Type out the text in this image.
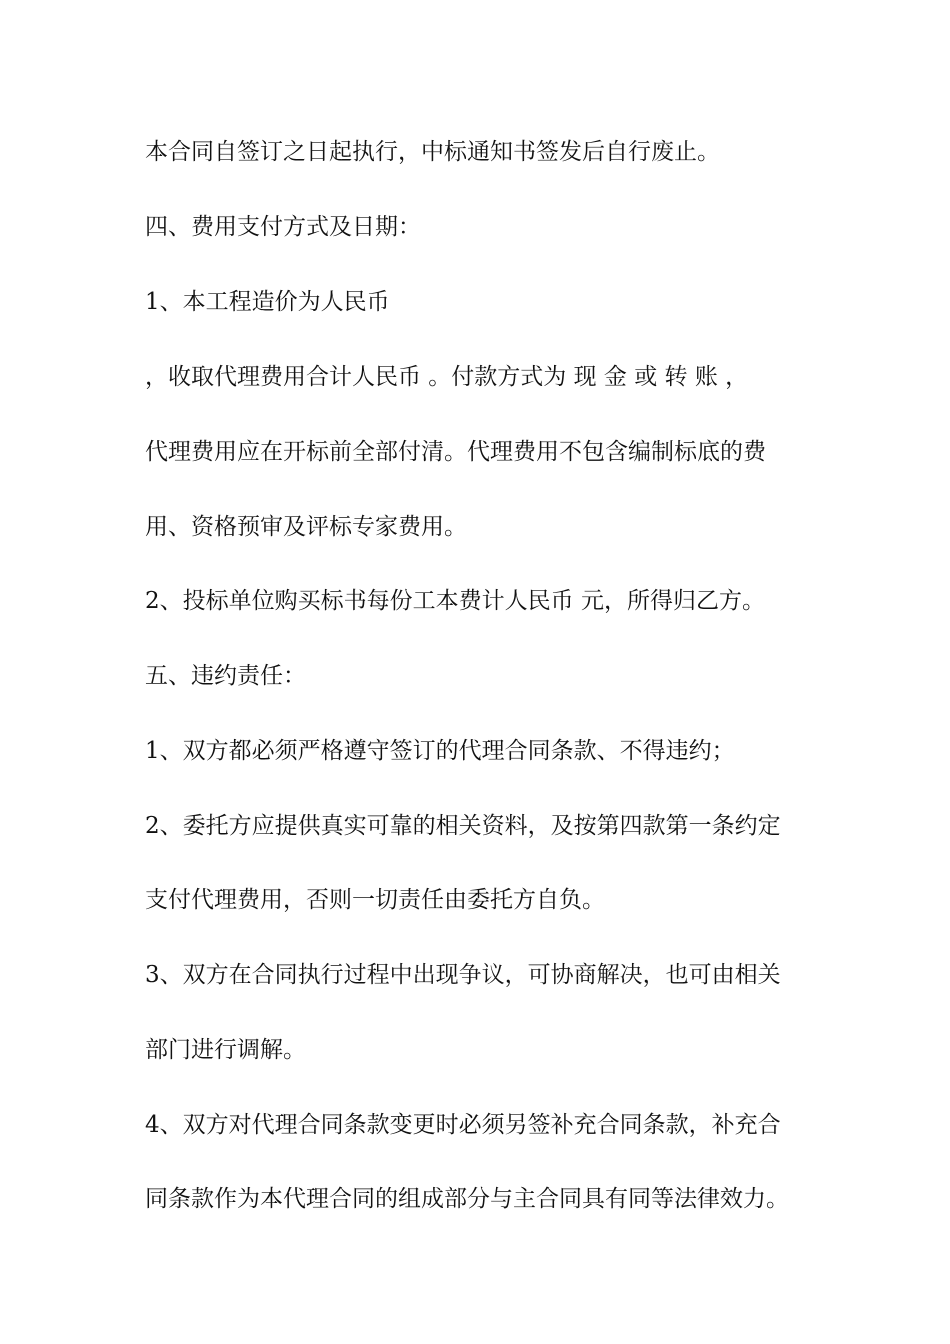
本合同自签订之日起执行，中标通知书签发后自行废止。
四、费用支付方式及日期：
1、本工程造价为人民币
，收取代理费用合计人民币 。付款方式为 现 金 或 转 账 ，
代理费用应在开标前全部付清。代理费用不包含编制标底的费
用、资格预审及评标专家费用。
2、投标单位购买标书每份工本费计人民币 元，所得归乙方。
五、违约责任：
1、双方都必须严格遵守签订的代理合同条款、不得违约；
2、委托方应提供真实可靠的相关资料，及按第四款第一条约定
支付代理费用，否则一切责任由委托方自负。
3、双方在合同执行过程中出现争议，可协商解决，也可由相关
部门进行调解。
4、双方对代理合同条款变更时必须另签补充合同条款，补充合
同条款作为本代理合同的组成部分与主合同具有同等法律效力。
